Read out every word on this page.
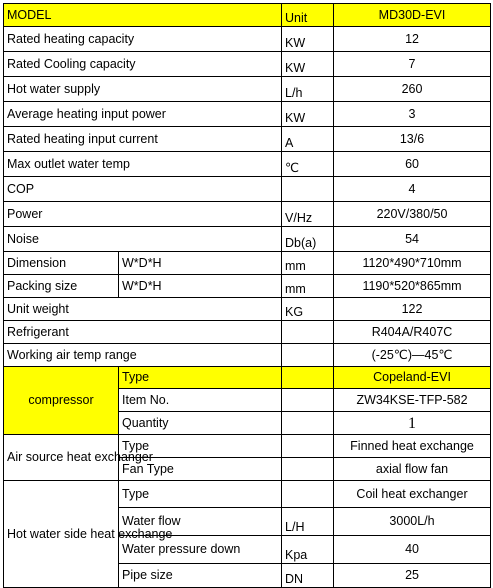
MODEL		Unit	MD30D-EVI
Rated heating capacity		KW	12
Rated Cooling capacity		KW	7
Hot water supply		L/h	260
Average heating input power		KW	3
Rated heating input current		A	13/6
Max outlet water temp		℃	60
COP			4
Power		V/Hz	220V/380/50
Noise		Db(a)	54
Dimension	W*D*H	mm	1120*490*710mm
Packing size	W*D*H	mm	1190*520*865mm
Unit weight		KG	122
Refrigerant			R404A/R407C
Working air temp range			(-25℃)—45℃
compressor	Type		Copeland-EVI
	Item No.		ZW34KSE-TFP-582
	Quantity		1
Air source heat exchanger	Type		Finned heat exchange
	Fan Type		axial flow fan
Hot water side heat exchange	Type		Coil heat exchanger
	Water flow	L/H	3000L/h
	Water pressure down	Kpa	40
	Pipe size	DN	25
